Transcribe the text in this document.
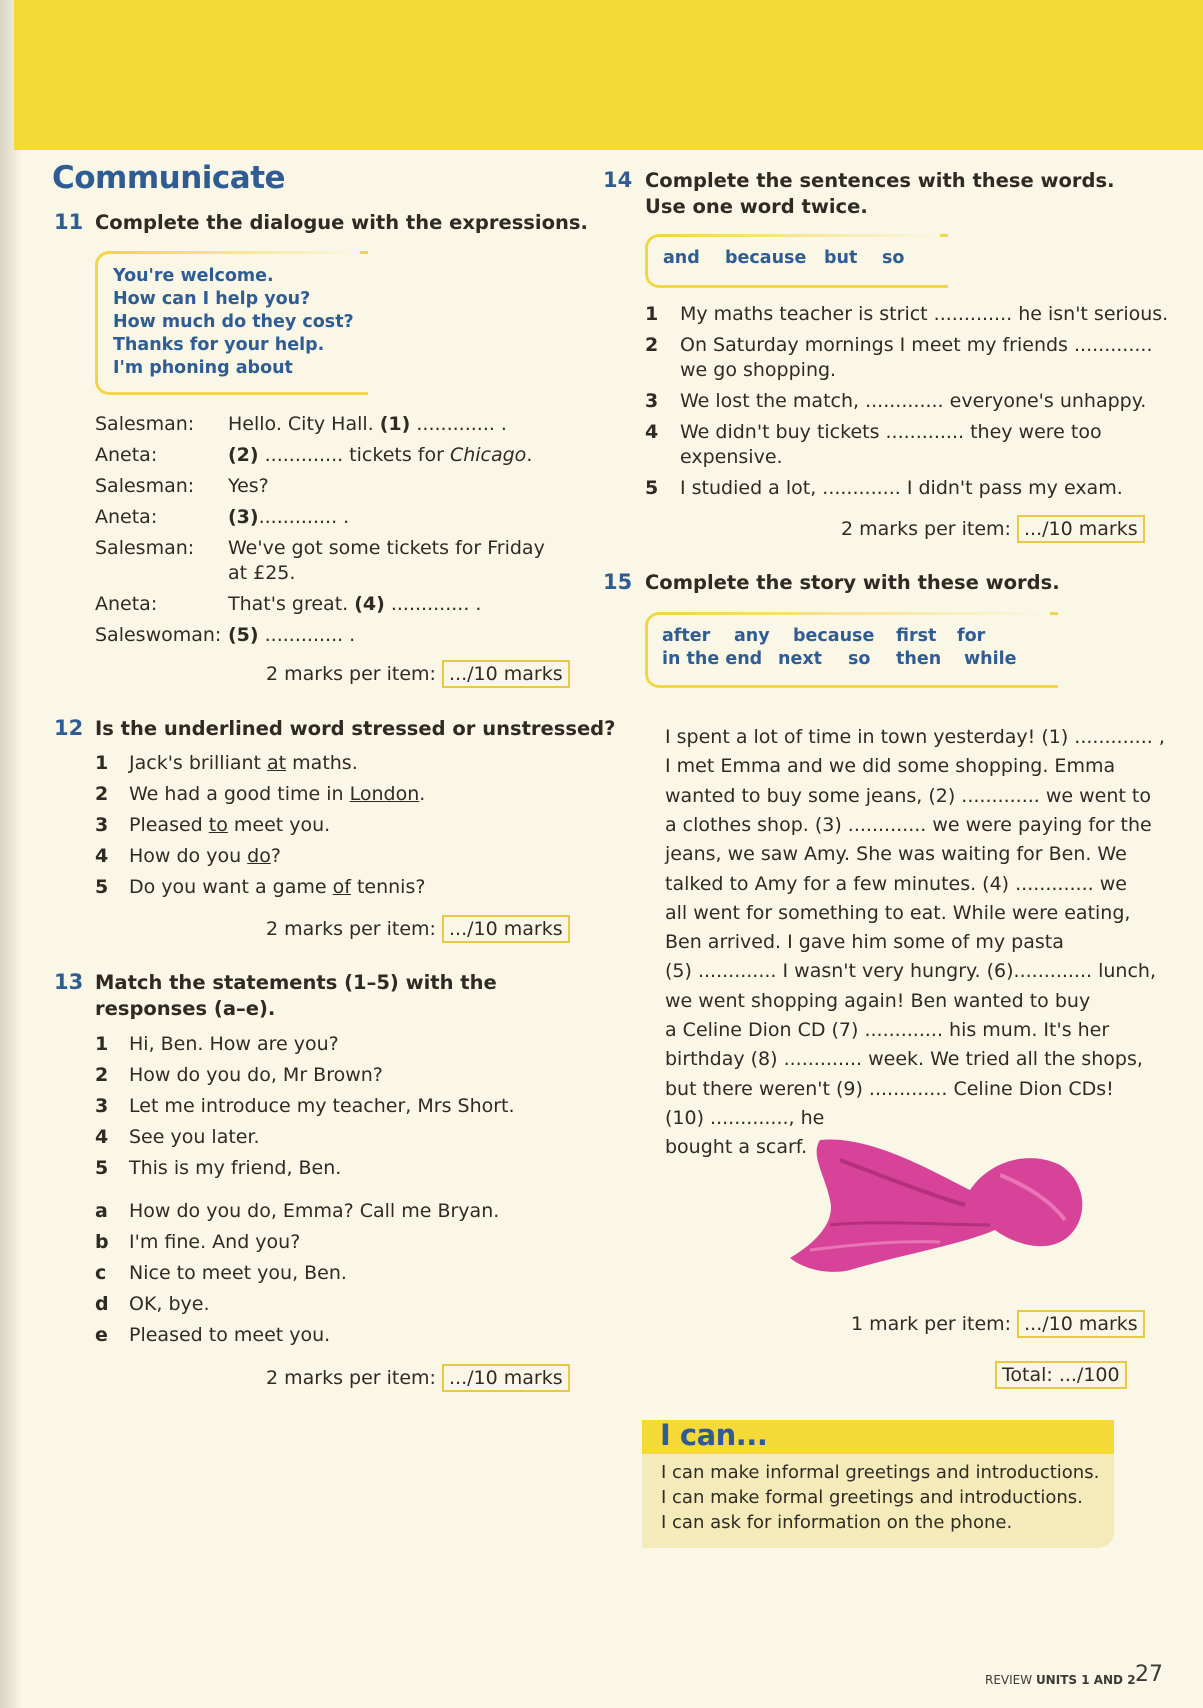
Communicate
11 Complete the dialogue with the expressions.
You're welcome.
How can I help you?
How much do they cost?
Thanks for your help.
I'm phoning about
Salesman: Hello. City Hall. (1) ............. .
Aneta:	(2) ............. tickets for Chicago.
Salesman: Yes?
Aneta:	(3)............. .
Salesman: We've got some tickets for Friday
at £25.
Aneta:	That's great. (4) ............. .
Saleswoman: (5) ............. .
2 marks per item: .../10 marks
12 Is the underlined word stressed or unstressed?
1 Jack's brilliant at maths.
2 We had a good time in London.
3 Pleased to meet you.
4 How do you do?
5 Do you want a game of tennis?
2 marks per item: .../10 marks
13 Match the statements (1–5) with the
responses (a–e).
1 Hi, Ben. How are you?
2 How do you do, Mr Brown?
3 Let me introduce my teacher, Mrs Short.
4 See you later.
5 This is my friend, Ben.
a How do you do, Emma? Call me Bryan.
b I'm fine. And you?
c Nice to meet you, Ben.
d OK, bye.
e Pleased to meet you.
2 marks per item: .../10 marks
14 Complete the sentences with these words.
Use one word twice.
and because but so
1 My maths teacher is strict ............. he isn't serious.
2 On Saturday mornings I meet my friends .............
we go shopping.
3 We lost the match, ............. everyone's unhappy.
4 We didn't buy tickets ............. they were too
expensive.
5 I studied a lot, ............. I didn't pass my exam.
2 marks per item: .../10 marks
15 Complete the story with these words.
after any because first for
in the end next so then while
I spent a lot of time in town yesterday! (1) ............. ,
I met Emma and we did some shopping. Emma
wanted to buy some jeans, (2) ............. we went to
a clothes shop. (3) ............. we were paying for the
jeans, we saw Amy. She was waiting for Ben. We
talked to Amy for a few minutes. (4) ............. we
all went for something to eat. While were eating,
Ben arrived. I gave him some of my pasta
(5) ............. I wasn't very hungry. (6)............. lunch,
we went shopping again! Ben wanted to buy
a Celine Dion CD (7) ............. his mum. It's her
birthday (8) ............. week. We tried all the shops,
but there weren't (9) ............. Celine Dion CDs!
(10) ............., he
bought a scarf.
1 mark per item: .../10 marks
Total: .../100
I can...
I can make informal greetings and introductions.
I can make formal greetings and introductions.
I can ask for information on the phone.
REVIEW UNITS 1 AND 2 27
